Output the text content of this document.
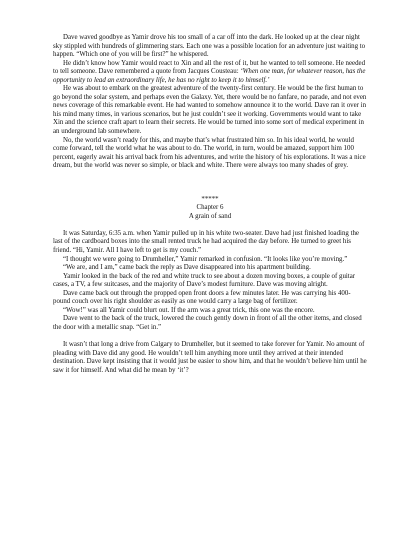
Dave waved goodbye as Yamir drove his too small of a car off into the dark. He looked up at the clear night sky stippled with hundreds of glimmering stars. Each one was a possible location for an adventure just waiting to happen. “Which one of you will be first?” he whispered.

He didn’t know how Yamir would react to Xin and all the rest of it, but he wanted to tell someone. He needed to tell someone. Dave remembered a quote from Jacques Cousteau: ‘When one man, for whatever reason, has the opportunity to lead an extraordinary life, he has no right to keep it to himself.’

He was about to embark on the greatest adventure of the twenty-first century. He would be the first human to go beyond the solar system, and perhaps even the Galaxy. Yet, there would be no fanfare, no parade, and not even news coverage of this remarkable event. He had wanted to somehow announce it to the world. Dave ran it over in his mind many times, in various scenarios, but he just couldn’t see it working. Governments would want to take Xin and the science craft apart to learn their secrets. He would be turned into some sort of medical experiment in an underground lab somewhere.

No, the world wasn’t ready for this, and maybe that’s what frustrated him so. In his ideal world, he would come forward, tell the world what he was about to do. The world, in turn, would be amazed, support him 100 percent, eagerly await his arrival back from his adventures, and write the history of his explorations. It was a nice dream, but the world was never so simple, or black and white. There were always too many shades of grey.

*****

Chapter 6

A grain of sand

It was Saturday, 6:35 a.m. when Yamir pulled up in his white two-seater. Dave had just finished loading the last of the cardboard boxes into the small rented truck he had acquired the day before. He turned to greet his friend. “Hi, Yamir. All I have left to get is my couch.”

“I thought we were going to Drumheller,” Yamir remarked in confusion. “It looks like you’re moving.”

“We are, and I am,” came back the reply as Dave disappeared into his apartment building.

Yamir looked in the back of the red and white truck to see about a dozen moving boxes, a couple of guitar cases, a TV, a few suitcases, and the majority of Dave’s modest furniture. Dave was moving alright.

Dave came back out through the propped open front doors a few minutes later. He was carrying his 400-pound couch over his right shoulder as easily as one would carry a large bag of fertilizer.

“Wow!” was all Yamir could blurt out. If the arm was a great trick, this one was the encore.

Dave went to the back of the truck, lowered the couch gently down in front of all the other items, and closed the door with a metallic snap. “Get in.”

It wasn’t that long a drive from Calgary to Drumheller, but it seemed to take forever for Yamir. No amount of pleading with Dave did any good. He wouldn’t tell him anything more until they arrived at their intended destination. Dave kept insisting that it would just be easier to show him, and that he wouldn’t believe him until he saw it for himself. And what did he mean by ‘it’?
